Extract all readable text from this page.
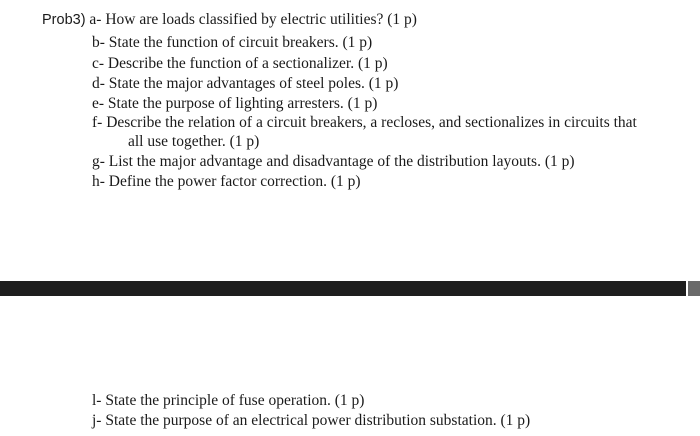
Prob3) a- How are loads classified by electric utilities? (1 p)
b- State the function of circuit breakers. (1 p)
c- Describe the function of a sectionalizer. (1 p)
d- State the major advantages of steel poles. (1 p)
e- State the purpose of lighting arresters. (1 p)
f- Describe the relation of a circuit breakers, a recloses, and sectionalizes in circuits that
all use together. (1 p)
g- List the major advantage and disadvantage of the distribution layouts. (1 p)
h- Define the power factor correction. (1 p)
l- State the principle of fuse operation. (1 p)
j- State the purpose of an electrical power distribution substation. (1 p)
